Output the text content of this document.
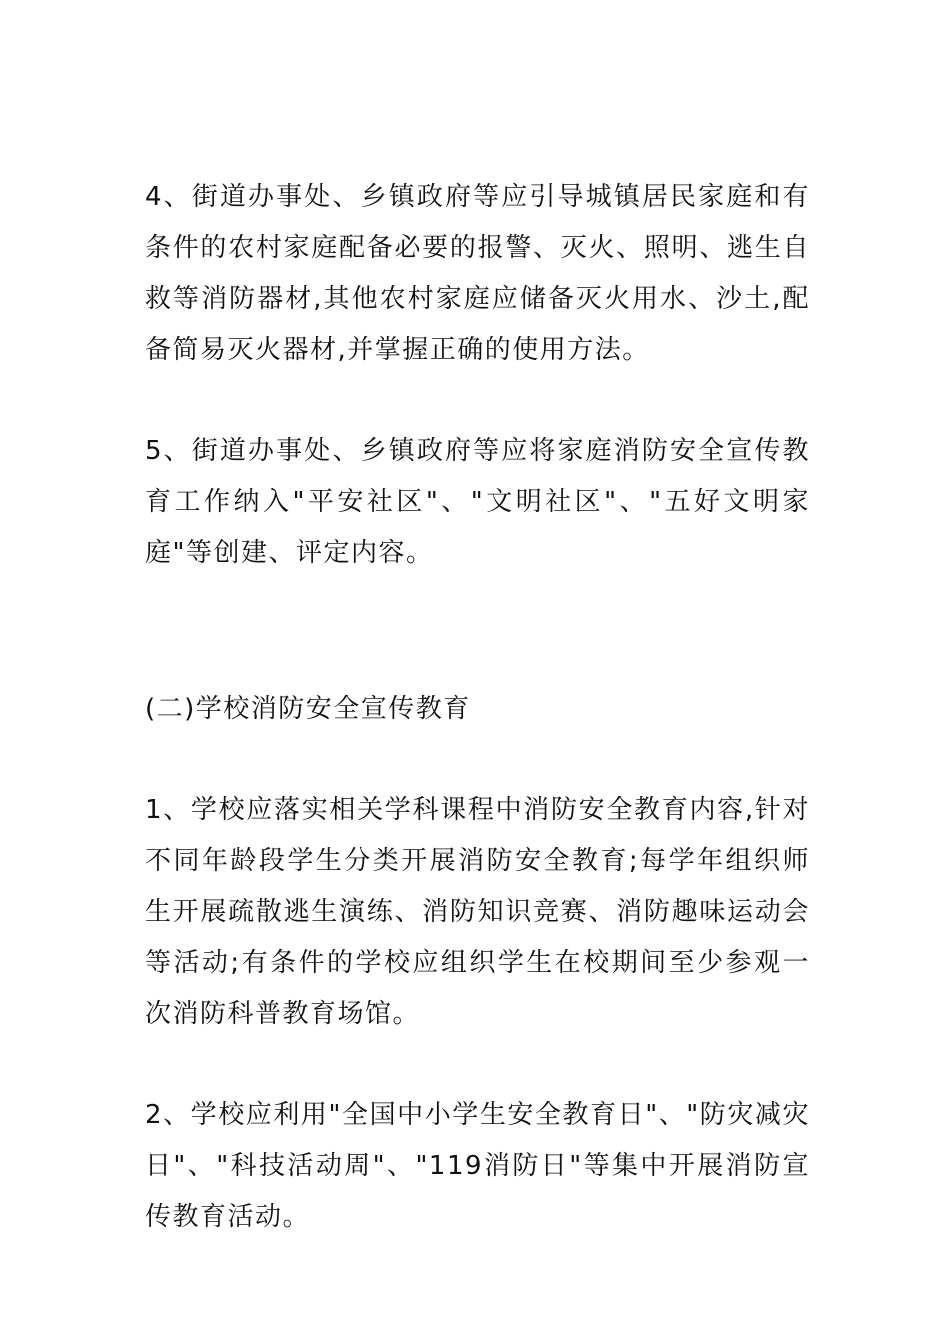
4、街道办事处、乡镇政府等应引导城镇居民家庭和有条件的农村家庭配备必要的报警、灭火、照明、逃生自救等消防器材,其他农村家庭应储备灭火用水、沙土,配备简易灭火器材,并掌握正确的使用方法。

5、街道办事处、乡镇政府等应将家庭消防安全宣传教育工作纳入"平安社区"、"文明社区"、"五好文明家庭"等创建、评定内容。

(二)学校消防安全宣传教育

1、学校应落实相关学科课程中消防安全教育内容,针对不同年龄段学生分类开展消防安全教育;每学年组织师生开展疏散逃生演练、消防知识竞赛、消防趣味运动会等活动;有条件的学校应组织学生在校期间至少参观一次消防科普教育场馆。

2、学校应利用"全国中小学生安全教育日"、"防灾减灾日"、"科技活动周"、"119消防日"等集中开展消防宣传教育活动。
